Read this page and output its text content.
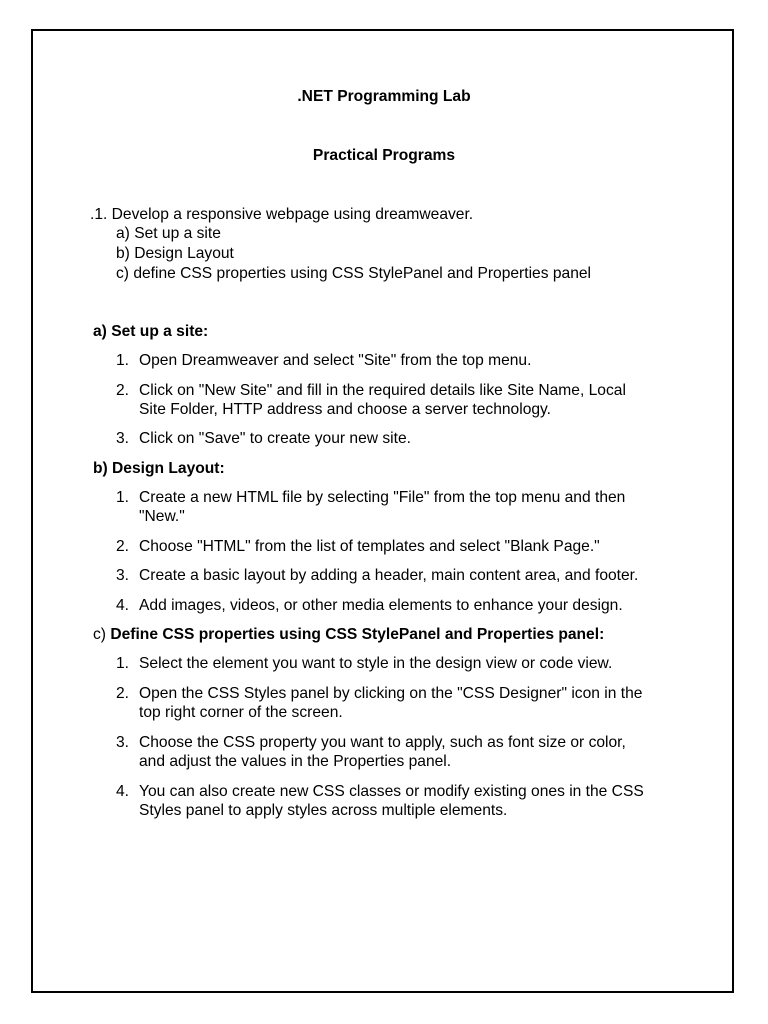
.NET Programming Lab
Practical Programs
.1. Develop a responsive webpage using dreamweaver.
a) Set up a site
b) Design Layout
c) define CSS properties using CSS StylePanel and Properties panel
a) Set up a site:
1. Open Dreamweaver and select "Site" from the top menu.
2. Click on "New Site" and fill in the required details like Site Name, Local
Site Folder, HTTP address and choose a server technology.
3. Click on "Save" to create your new site.
b) Design Layout:
1. Create a new HTML file by selecting "File" from the top menu and then
"New."
2. Choose "HTML" from the list of templates and select "Blank Page."
3. Create a basic layout by adding a header, main content area, and footer.
4. Add images, videos, or other media elements to enhance your design.
c) Define CSS properties using CSS StylePanel and Properties panel:
1. Select the element you want to style in the design view or code view.
2. Open the CSS Styles panel by clicking on the "CSS Designer" icon in the
top right corner of the screen.
3. Choose the CSS property you want to apply, such as font size or color,
and adjust the values in the Properties panel.
4. You can also create new CSS classes or modify existing ones in the CSS
Styles panel to apply styles across multiple elements.
